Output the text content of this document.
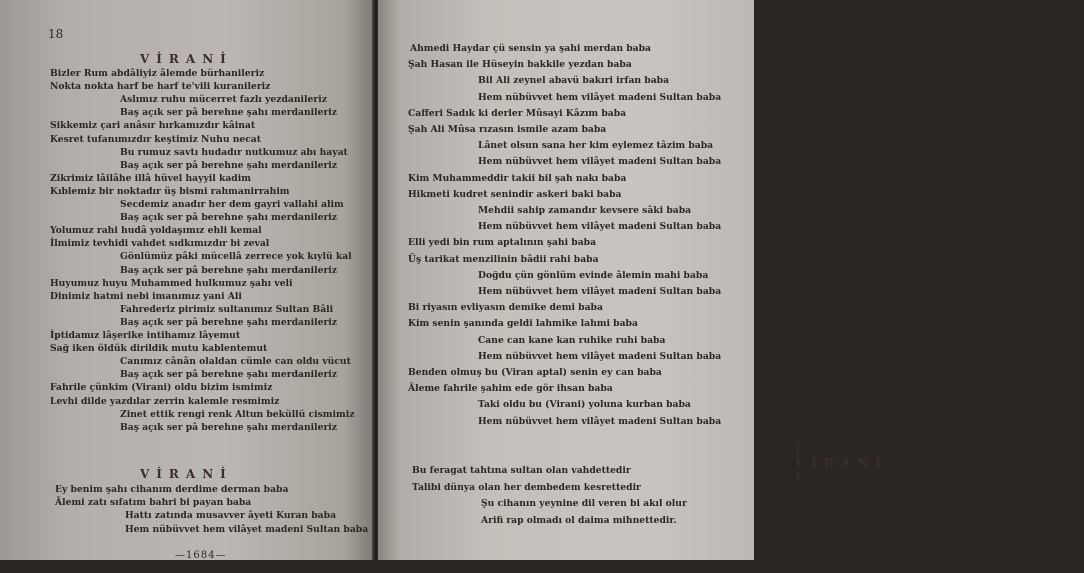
18
VİRANİ
Bizler Rum abdâliyiz âlemde bürhanileriz
Nokta nokta harf be harf te'vili kuranileriz
Aslımız ruhu mücerret fazlı yezdanileriz
Baş açık ser pâ berehne şahı merdanileriz
Sikkemiz çari anâsır hırkamızdır kâinat
Kesret tufanımızdır keştimiz Nuhu necat
Bu rumuz savtı hudadır nutkumuz abı hayat
Baş açık ser pâ berehne şahı merdanileriz
Zikrimiz lâilâhe illâ hüvel hayyil kadim
Kıblemiz bir noktadır üş bismi rahmanirrahim
Secdemiz anadır her dem gayri vallahi alim
Baş açık ser pâ berehne şahı merdanileriz
Yolumuz rahi hudâ yoldaşımız ehli kemal
İlmimiz tevhidi vahdet sıdkımızdır bi zeval
Gönlümüz pâki mücellâ zerrece yok kıylü kal
Baş açık ser pâ berehne şahı merdanileriz
Huyumuz huyu Muhammed hulkumuz şahı veli
Dinimiz hatmi nebi imanımız yani Ali
Fahrederiz pirimiz sultanımız Sultan Bâli
Baş açık ser pâ berehne şahı merdanileriz
İptidamız lâşerike intihamız lâyemut
Sağ iken öldük dirildik mutu kablentemut
Canımız cânân olaldan cümle can oldu vücut
Baş açık ser pâ berehne şahı merdanileriz
Fahrile çünkim (Virani) oldu bizim ismimiz
Levhi dilde yazdılar zerrin kalemle resmimiz
Zinet ettik rengi renk Altun beküllü cismimiz
Baş açık ser pâ berehne şahı merdanileriz
VİRANİ
Ey benim şahı cihanım derdime derman baba
Âlemi zatı sıfatım bahri bi payan baba
Hattı zatında musavver âyeti Kuran baba
Hem nübüvvet hem vilâyet madeni Sultan baba
—1684—
19
Ahmedi Haydar çü sensin ya şahi merdan baba
Şah Hasan ile Hüseyin bakkile yezdan baba
Bil Ali zeynel abavü bakıri irfan baba
Hem nübüvvet hem vilâyet madeni Sultan baba
Cafferi Sadık ki derler Mûsayi Kâzım baba
Şah Ali Mûsa rızasın ismile azam baba
Lânet olsun sana her kim eylemez tâzim baba
Hem nübüvvet hem vilâyet madeni Sultan baba
Kim Muhammeddir takii bil şah nakı baba
Hikmeti kudret senindir askeri baki baba
Mehdii sahip zamandır kevsere sâki baba
Hem nübüvvet hem vilâyet madeni Sultan baba
Elli yedi bin rum aptalının şahi baba
Üş tarikat menzilinin bâdii rahi baba
Doğdu çün gönlüm evinde âlemin mahi baba
Hem nübüvvet hem vilâyet madeni Sultan baba
Bi riyasın evliyasın demike demi baba
Kim senin şanında geldi lahmike lahmi baba
Cane can kane kan ruhike ruhi baba
Hem nübüvvet hem vilâyet madeni Sultan baba
Benden olmuş bu (Viran aptal) senin ey can baba
Âleme fahrile şahim ede gör ihsan baba
Taki oldu bu (Virani) yoluna kurban baba
Hem nübüvvet hem vilâyet madeni Sultan baba
( VİRANİ )
Bu feragat tahtına sultan olan vahdettedir
Talibi dünya olan her dembedem kesrettedir
Şu cihanın yeynine dil veren bi akıl olur
Arifi rap olmadı ol daima mihnettedir.
—1685—
